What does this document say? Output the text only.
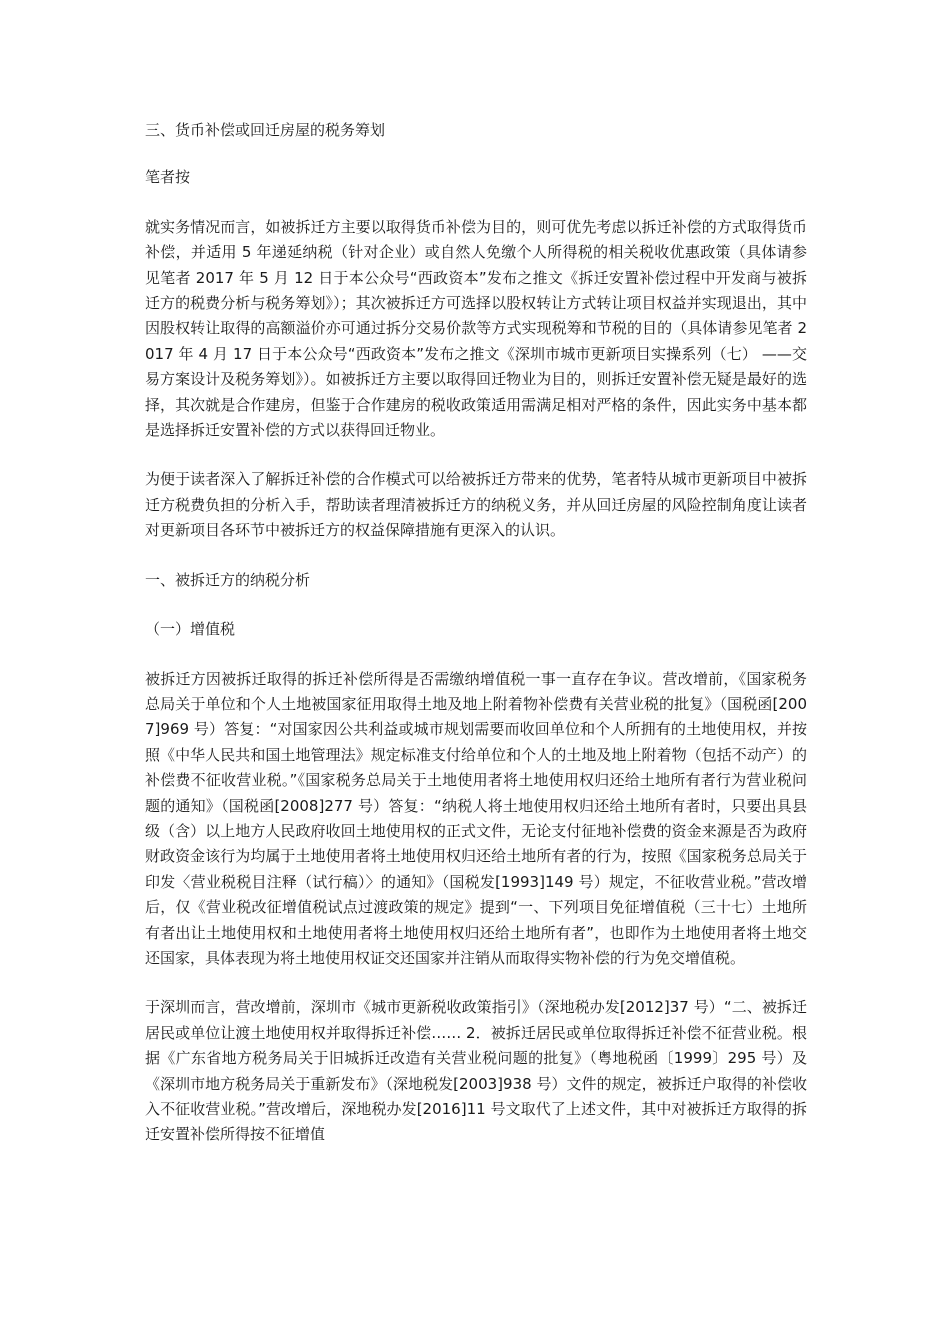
三、货币补偿或回迁房屋的税务筹划

笔者按

就实务情况而言，如被拆迁方主要以取得货币补偿为目的，则可优先考虑以拆迁补偿的方式取得货币补偿，并适用 5 年递延纳税（针对企业）或自然人免缴个人所得税的相关税收优惠政策（具体请参见笔者 2017 年 5 月 12 日于本公众号“西政资本”发布之推文《拆迁安置补偿过程中开发商与被拆迁方的税费分析与税务筹划》）；其次被拆迁方可选择以股权转让方式转让项目权益并实现退出，其中因股权转让取得的高额溢价亦可通过拆分交易价款等方式实现税筹和节税的目的（具体请参见笔者 2017 年 4 月 17 日于本公众号“西政资本”发布之推文《深圳市城市更新项目实操系列（七） ——交易方案设计及税务筹划》）。如被拆迁方主要以取得回迁物业为目的，则拆迁安置补偿无疑是最好的选择，其次就是合作建房，但鉴于合作建房的税收政策适用需满足相对严格的条件，因此实务中基本都是选择拆迁安置补偿的方式以获得回迁物业。

为便于读者深入了解拆迁补偿的合作模式可以给被拆迁方带来的优势，笔者特从城市更新项目中被拆迁方税费负担的分析入手，帮助读者理清被拆迁方的纳税义务，并从回迁房屋的风险控制角度让读者对更新项目各环节中被拆迁方的权益保障措施有更深入的认识。

一、被拆迁方的纳税分析

（一）增值税

被拆迁方因被拆迁取得的拆迁补偿所得是否需缴纳增值税一事一直存在争议。营改增前，《国家税务总局关于单位和个人土地被国家征用取得土地及地上附着物补偿费有关营业税的批复》（国税函[2007]969 号）答复：“对国家因公共利益或城市规划需要而收回单位和个人所拥有的土地使用权，并按照《中华人民共和国土地管理法》规定标准支付给单位和个人的土地及地上附着物（包括不动产）的补偿费不征收营业税。”《国家税务总局关于土地使用者将土地使用权归还给土地所有者行为营业税问题的通知》（国税函[2008]277 号）答复：“纳税人将土地使用权归还给土地所有者时，只要出具县级（含）以上地方人民政府收回土地使用权的正式文件，无论支付征地补偿费的资金来源是否为政府财政资金该行为均属于土地使用者将土地使用权归还给土地所有者的行为，按照《国家税务总局关于印发〈营业税税目注释（试行稿）〉的通知》（国税发[1993]149 号）规定，不征收营业税。”营改增后，仅《营业税改征增值税试点过渡政策的规定》提到“一、下列项目免征增值税（三十七）土地所有者出让土地使用权和土地使用者将土地使用权归还给土地所有者”，也即作为土地使用者将土地交还国家，具体表现为将土地使用权证交还国家并注销从而取得实物补偿的行为免交增值税。

于深圳而言，营改增前，深圳市《城市更新税收政策指引》（深地税办发[2012]37 号）“二、被拆迁居民或单位让渡土地使用权并取得拆迁补偿…… 2．被拆迁居民或单位取得拆迁补偿不征营业税。根据《广东省地方税务局关于旧城拆迁改造有关营业税问题的批复》（粤地税函〔1999〕295 号）及《深圳市地方税务局关于重新发布》（深地税发[2003]938 号）文件的规定，被拆迁户取得的补偿收入不征收营业税。”营改增后，深地税办发[2016]11 号文取代了上述文件，其中对被拆迁方取得的拆迁安置补偿所得按不征增值
